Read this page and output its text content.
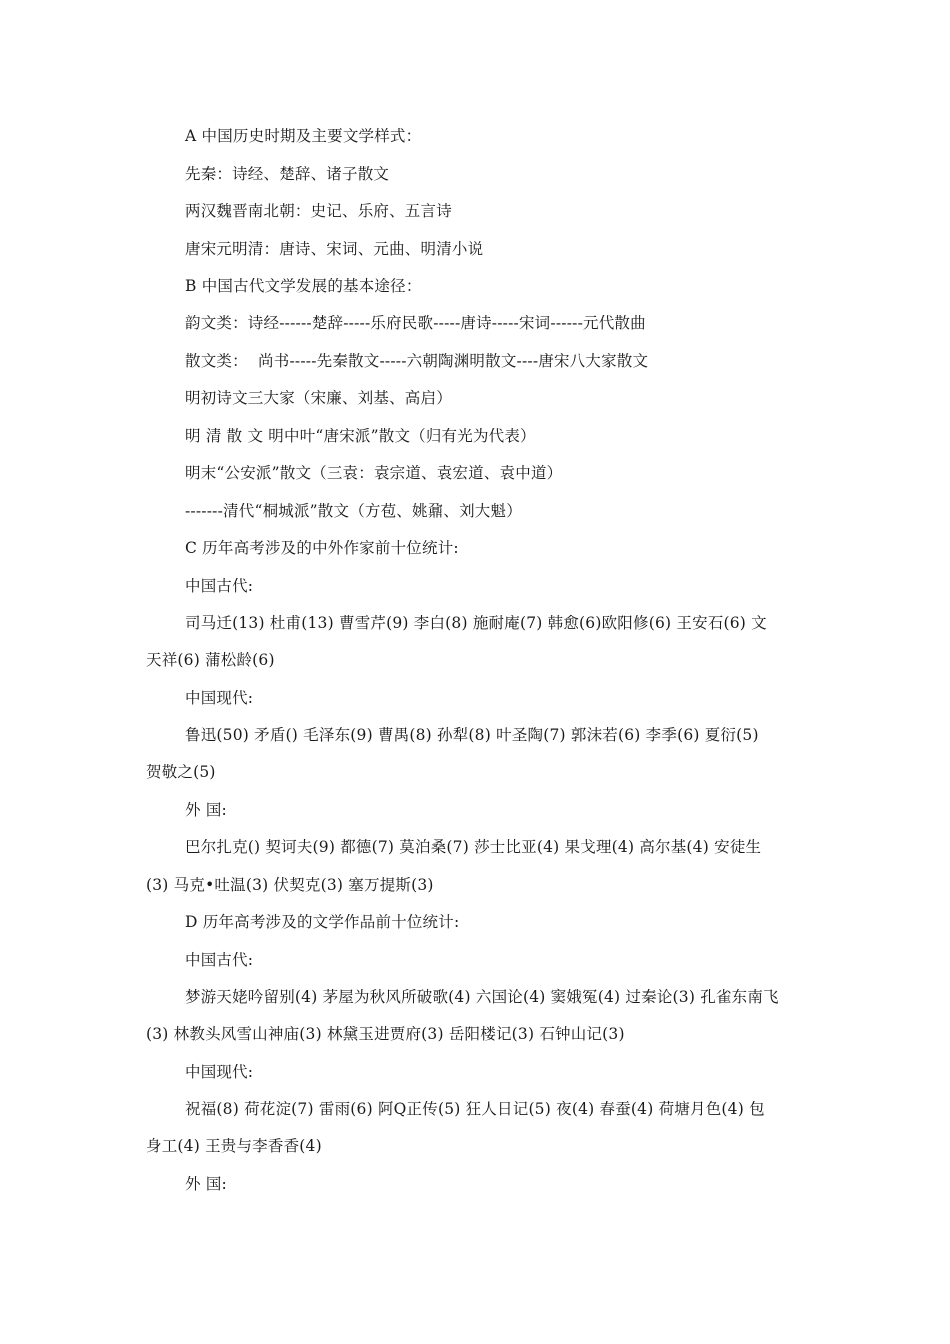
A 中国历史时期及主要文学样式：
先秦：诗经、楚辞、诸子散文
两汉魏晋南北朝：史记、乐府、五言诗
唐宋元明清：唐诗、宋词、元曲、明清小说
B 中国古代文学发展的基本途径：
韵文类：诗经------楚辞-----乐府民歌-----唐诗-----宋词------元代散曲
散文类：  尚书-----先秦散文-----六朝陶渊明散文----唐宋八大家散文
明初诗文三大家（宋廉、刘基、高启）
明 清 散 文 明中叶“唐宋派”散文（归有光为代表）
明末“公安派”散文（三袁：袁宗道、袁宏道、袁中道）
-------清代“桐城派”散文（方苞、姚鼐、刘大魁）
C 历年高考涉及的中外作家前十位统计:
中国古代:
司马迁(13) 杜甫(13) 曹雪芹(9) 李白(8) 施耐庵(7) 韩愈(6)欧阳修(6) 王安石(6) 文
天祥(6) 蒲松龄(6)
中国现代:
鲁迅(50) 矛盾() 毛泽东(9) 曹禺(8) 孙犁(8) 叶圣陶(7) 郭沫若(6) 李季(6) 夏衍(5)
贺敬之(5)
外 国:
巴尔扎克() 契诃夫(9) 都德(7) 莫泊桑(7) 莎士比亚(4) 果戈理(4) 高尔基(4) 安徒生
(3) 马克•吐温(3) 伏契克(3) 塞万提斯(3)
D 历年高考涉及的文学作品前十位统计:
中国古代:
梦游天姥吟留别(4) 茅屋为秋风所破歌(4) 六国论(4) 窦娥冤(4) 过秦论(3) 孔雀东南飞
(3) 林教头风雪山神庙(3) 林黛玉进贾府(3) 岳阳楼记(3) 石钟山记(3)
中国现代:
祝福(8) 荷花淀(7) 雷雨(6) 阿Q正传(5) 狂人日记(5) 夜(4) 春蚕(4) 荷塘月色(4) 包
身工(4) 王贵与李香香(4)
外 国:
